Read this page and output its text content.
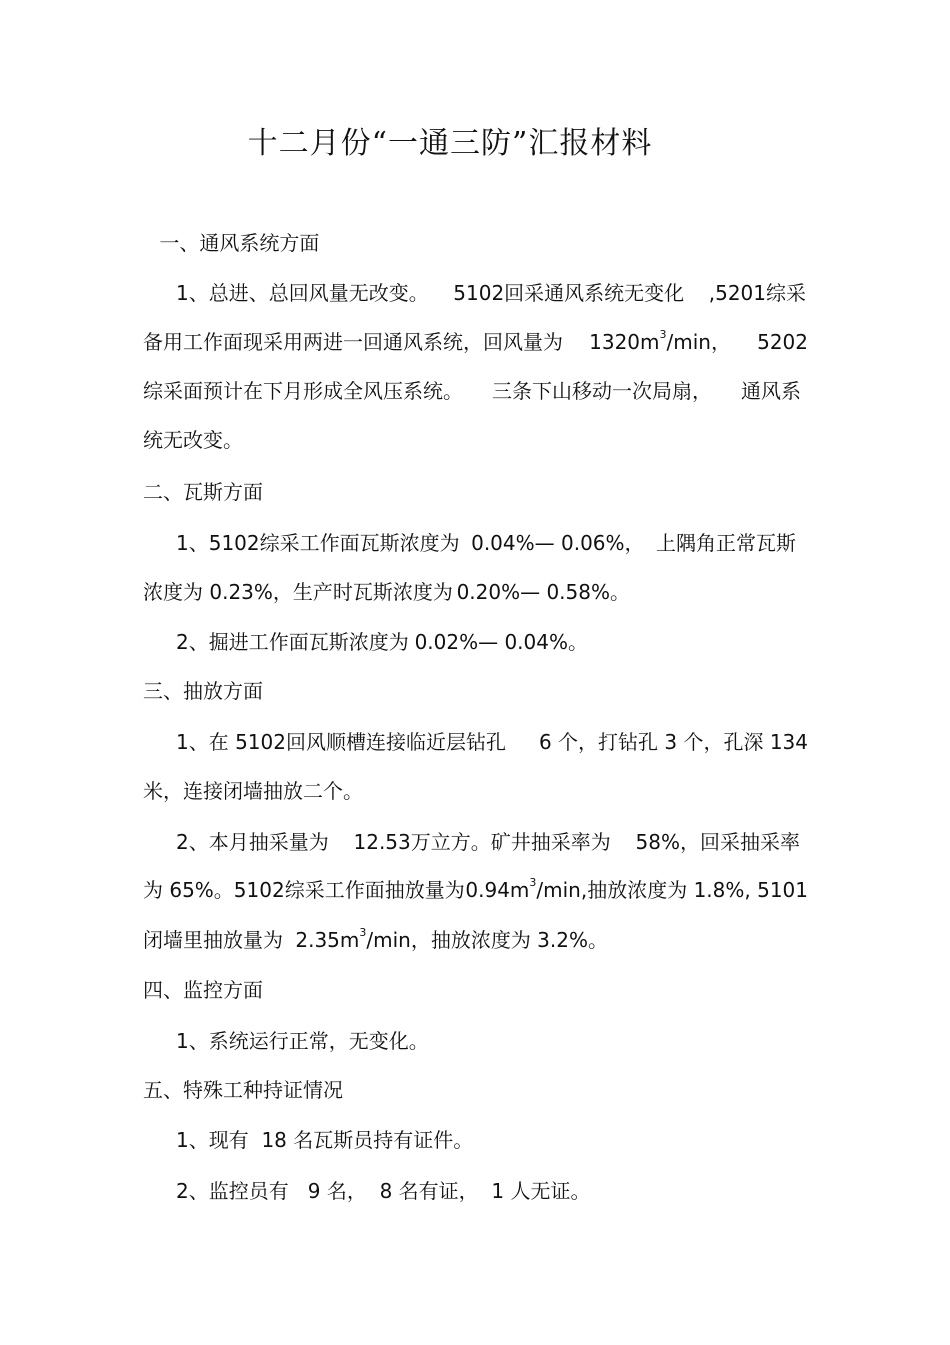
十二月份“一通三防”汇报材料
一、通风系统方面
1、总进、总回风量无改变。 5102回采通风系统无变化 ,5201综采
备用工作面现采用两进一回通风系统，回风量为 $1320m^3/\min$， 5202
综采面预计在下月形成全风压系统。 三条下山移动一次局扇， 通风系
统无改变。
二、瓦斯方面
1、5102综采工作面瓦斯浓度为 0.04%— 0.06%， 上隅角正常瓦斯
浓度为 0.23%，生产时瓦斯浓度为 0.20%— 0.58%。
2、掘进工作面瓦斯浓度为 0.02%— 0.04%。
三、抽放方面
1、在 5102回风顺槽连接临近层钻孔 6 个，打钻孔 3 个，孔深 134
米，连接闭墙抽放二个。
2、本月抽采量为 12.53万立方。矿井抽采率为 58%，回采抽采率
为 65%。5102综采工作面抽放量为 $0.94m^3/\min$,抽放浓度为 1.8%, 5101
闭墙里抽放量为 $2.35m^3/\min$，抽放浓度为 3.2%。
四、监控方面
1、系统运行正常，无变化。
五、特殊工种持证情况
1、现有  18 名瓦斯员持有证件。
2、监控员有   9 名，  8 名有证，  1 人无证。
